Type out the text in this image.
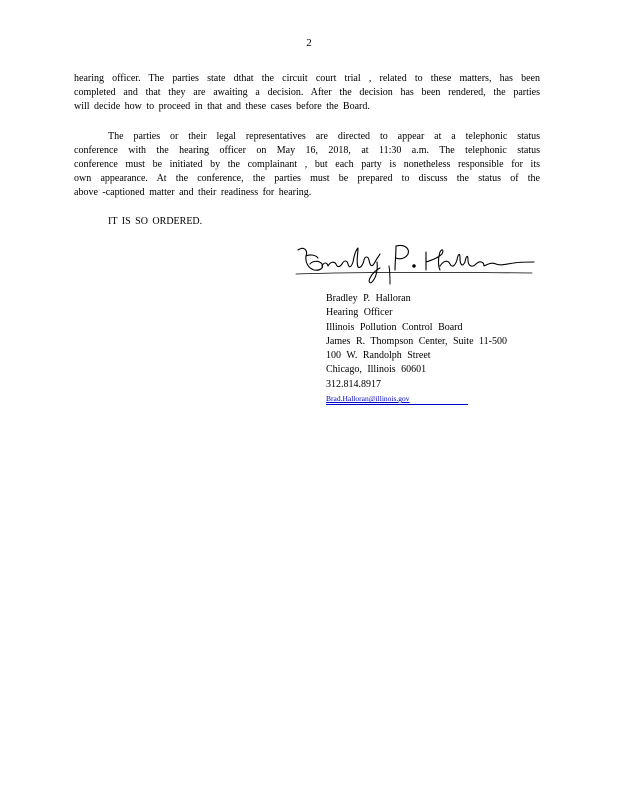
2
hearing officer. The parties state dthat the circuit court trial , related to these matters, has been
completed and that they are awaiting a decision. After the decision has been rendered, the parties
will decide how to proceed in that and these cases before the Board.
The parties or their legal representatives are directed to appear at a telephonic status
conference with the hearing officer on May 16, 2018, at 11:30 a.m. The telephonic status
conference must be initiated by the complainant , but each party is nonetheless responsible for its
own appearance. At the conference, the parties must be prepared to discuss the status of the
above -captioned matter and their readiness for hearing.
IT IS SO ORDERED.
Bradley P. Halloran
Hearing Officer
Illinois Pollution Control Board
James R. Thompson Center, Suite 11-500
100 W. Randolph Street
Chicago, Illinois 60601
312.814.8917
Brad.Halloran@illinois.gov
